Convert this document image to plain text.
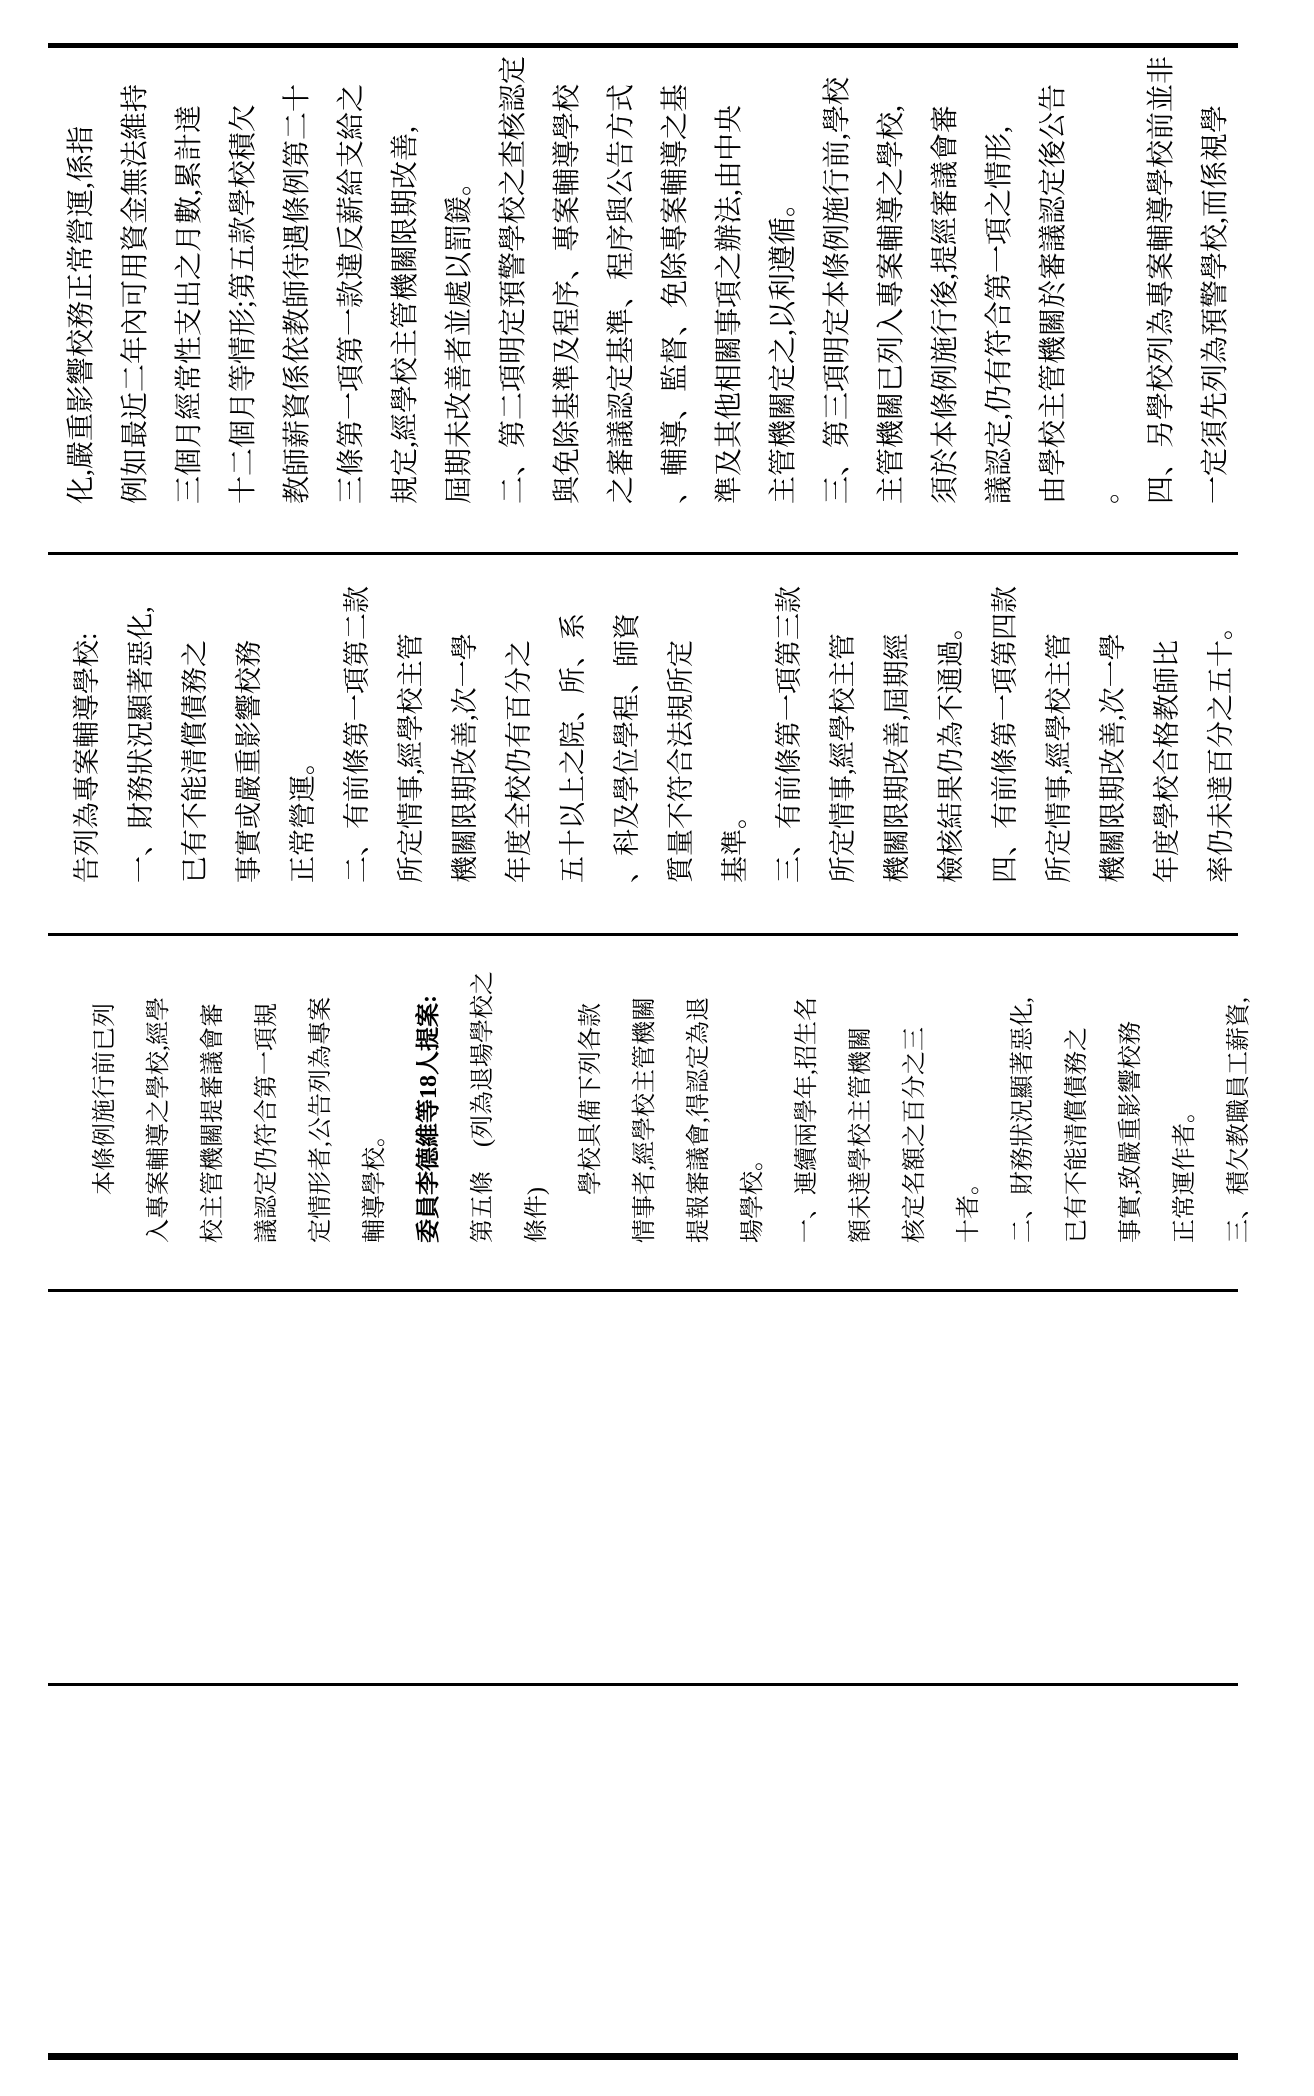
　　本條例施行前已列	入專案輔導之學校,經學	校主管機關提審議會審	議認定仍符合第一項規	定情形者,公告列為專案	輔導學校。	委員李德維等18人提案:	第五條　(列為退場學校之	條件)	　　學校具備下列各款	情事者,經學校主管機關	提報審議會,得認定為退	場學校。	一、連續兩學年,招生名	額未達學校主管機關	核定名額之百分之三	十者。	二、財務狀況顯著惡化,	已有不能清償債務之	事實,致嚴重影響校務	正常運作者。	三、積欠教職員工薪資,
告列為專案輔導學校: 一、財務狀況顯著惡化, 已有不能清償債務之 事實或嚴重影響校務 正常營運。 二、有前條第一項第二款 所定情事,經學校主管 機關限期改善,次一學 年度全校仍有百分之 五十以上之院、所、系 、科及學位學程、師資 質量不符合法規所定 基準。 三、有前條第一項第三款 所定情事,經學校主管 機關限期改善,屆期經 檢核結果仍為不通過。 四、有前條第一項第四款 所定情事,經學校主管 機關限期改善,次一學 年度學校合格教師比 率仍未達百分之五十。
化,嚴重影響校務正常營運,係指 例如最近二年內可用資金無法維持 三個月經常性支出之月數,累計達 十二個月等情形;第五款學校積欠 教師薪資係依教師待遇條例第二十 三條第一項第一款違反薪給支給之 規定,經學校主管機關限期改善, 屆期未改善者並處以罰鍰。 二、第二項明定預警學校之查核認定 與免除基準及程序、專案輔導學校 之審議認定基準、程序與公告方式 、輔導、監督、免除專案輔導之基 準及其他相關事項之辦法,由中央 主管機關定之,以利遵循。 三、第三項明定本條例施行前,學校 主管機關已列入專案輔導之學校, 須於本條例施行後,提經審議會審 議認定,仍有符合第一項之情形, 由學校主管機關於審議認定後公告 。 四、另學校列為專案輔導學校前並非 一定須先列為預警學校,而係視學
